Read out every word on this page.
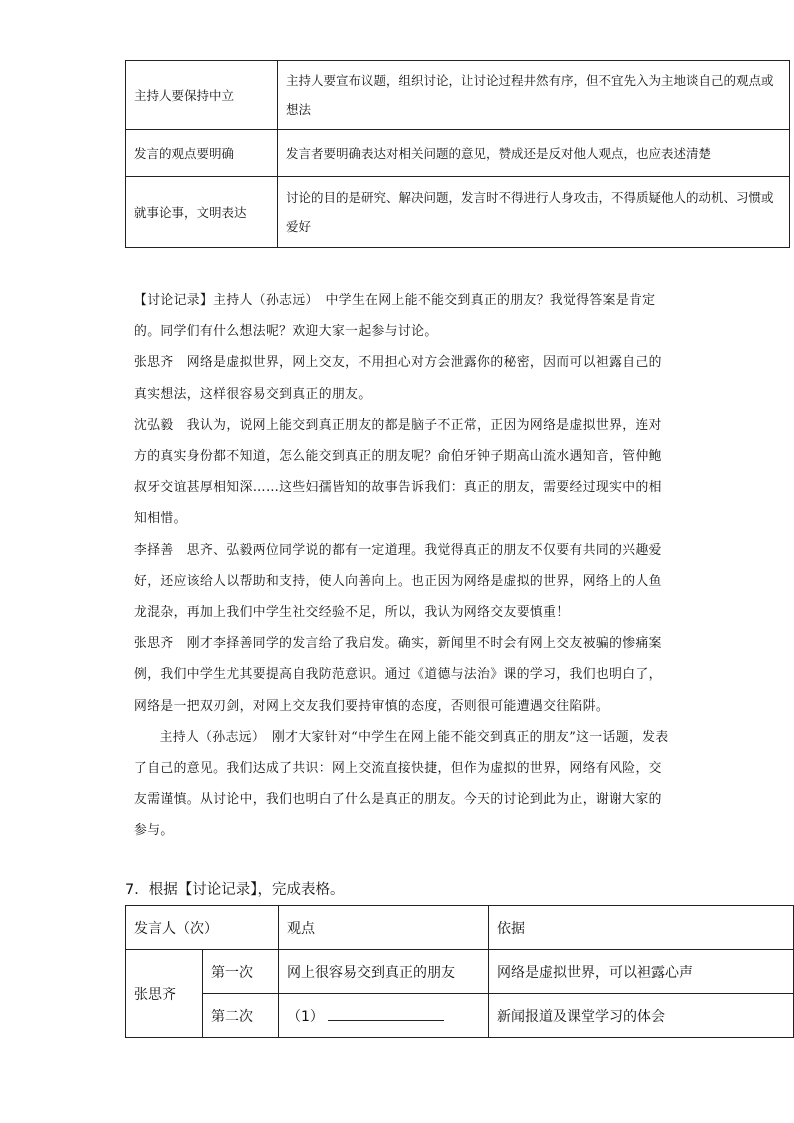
主持人要保持中立	主持人要宣布议题，组织讨论，让讨论过程井然有序，但不宜先入为主地谈自己的观点或想法
发言的观点要明确	发言者要明确表达对相关问题的意见，赞成还是反对他人观点，也应表述清楚
就事论事，文明表达	讨论的目的是研究、解决问题，发言时不得进行人身攻击，不得质疑他人的动机、习惯或爱好

【讨论记录】主持人（孙志远）　中学生在网上能不能交到真正的朋友？我觉得答案是肯定的。同学们有什么想法呢？欢迎大家一起参与讨论。

张思齐　网络是虚拟世界，网上交友，不用担心对方会泄露你的秘密，因而可以袒露自己的真实想法，这样很容易交到真正的朋友。

沈弘毅　我认为，说网上能交到真正朋友的都是脑子不正常，正因为网络是虚拟世界，连对方的真实身份都不知道，怎么能交到真正的朋友呢？俞伯牙钟子期高山流水遇知音，管仲鲍叔牙交谊甚厚相知深……这些妇孺皆知的故事告诉我们：真正的朋友，需要经过现实中的相知相惜。

李择善　思齐、弘毅两位同学说的都有一定道理。我觉得真正的朋友不仅要有共同的兴趣爱好，还应该给人以帮助和支持，使人向善向上。也正因为网络是虚拟的世界，网络上的人鱼龙混杂，再加上我们中学生社交经验不足，所以，我认为网络交友要慎重！

张思齐　刚才李择善同学的发言给了我启发。确实，新闻里不时会有网上交友被骗的惨痛案例，我们中学生尤其要提高自我防范意识。通过《道德与法治》课的学习，我们也明白了，网络是一把双刃剑，对网上交友我们要持审慎的态度，否则很可能遭遇交往陷阱。

主持人（孙志远）　刚才大家针对“中学生在网上能不能交到真正的朋友”这一话题，发表了自己的意见。我们达成了共识：网上交流直接快捷，但作为虚拟的世界，网络有风险，交友需谨慎。从讨论中，我们也明白了什么是真正的朋友。今天的讨论到此为止，谢谢大家的参与。

7．根据【讨论记录】，完成表格。
发言人（次）		观点	依据
张思齐	第一次	网上很容易交到真正的朋友	网络是虚拟世界，可以袒露心声
	第二次	（1）	新闻报道及课堂学习的体会
